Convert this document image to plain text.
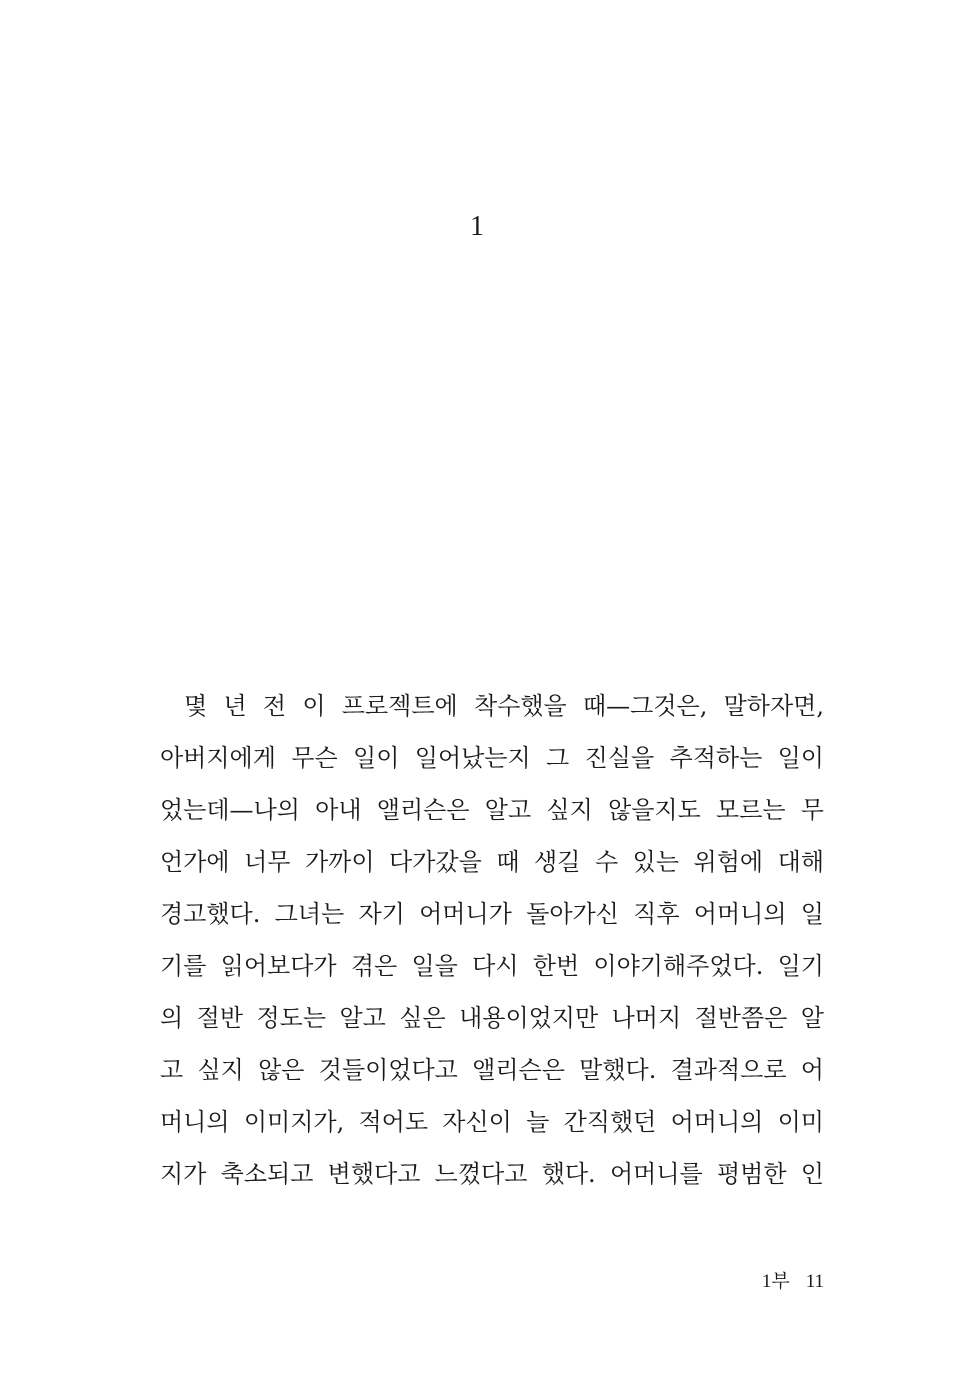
1
몇 년 전 이 프로젝트에 착수했을 때—그것은, 말하자면,
아버지에게 무슨 일이 일어났는지 그 진실을 추적하는 일이
었는데—나의 아내 앨리슨은 알고 싶지 않을지도 모르는 무
언가에 너무 가까이 다가갔을 때 생길 수 있는 위험에 대해
경고했다. 그녀는 자기 어머니가 돌아가신 직후 어머니의 일
기를 읽어보다가 겪은 일을 다시 한번 이야기해주었다. 일기
의 절반 정도는 알고 싶은 내용이었지만 나머지 절반쯤은 알
고 싶지 않은 것들이었다고 앨리슨은 말했다. 결과적으로 어
머니의 이미지가, 적어도 자신이 늘 간직했던 어머니의 이미
지가 축소되고 변했다고 느꼈다고 했다. 어머니를 평범한 인
1부 11
